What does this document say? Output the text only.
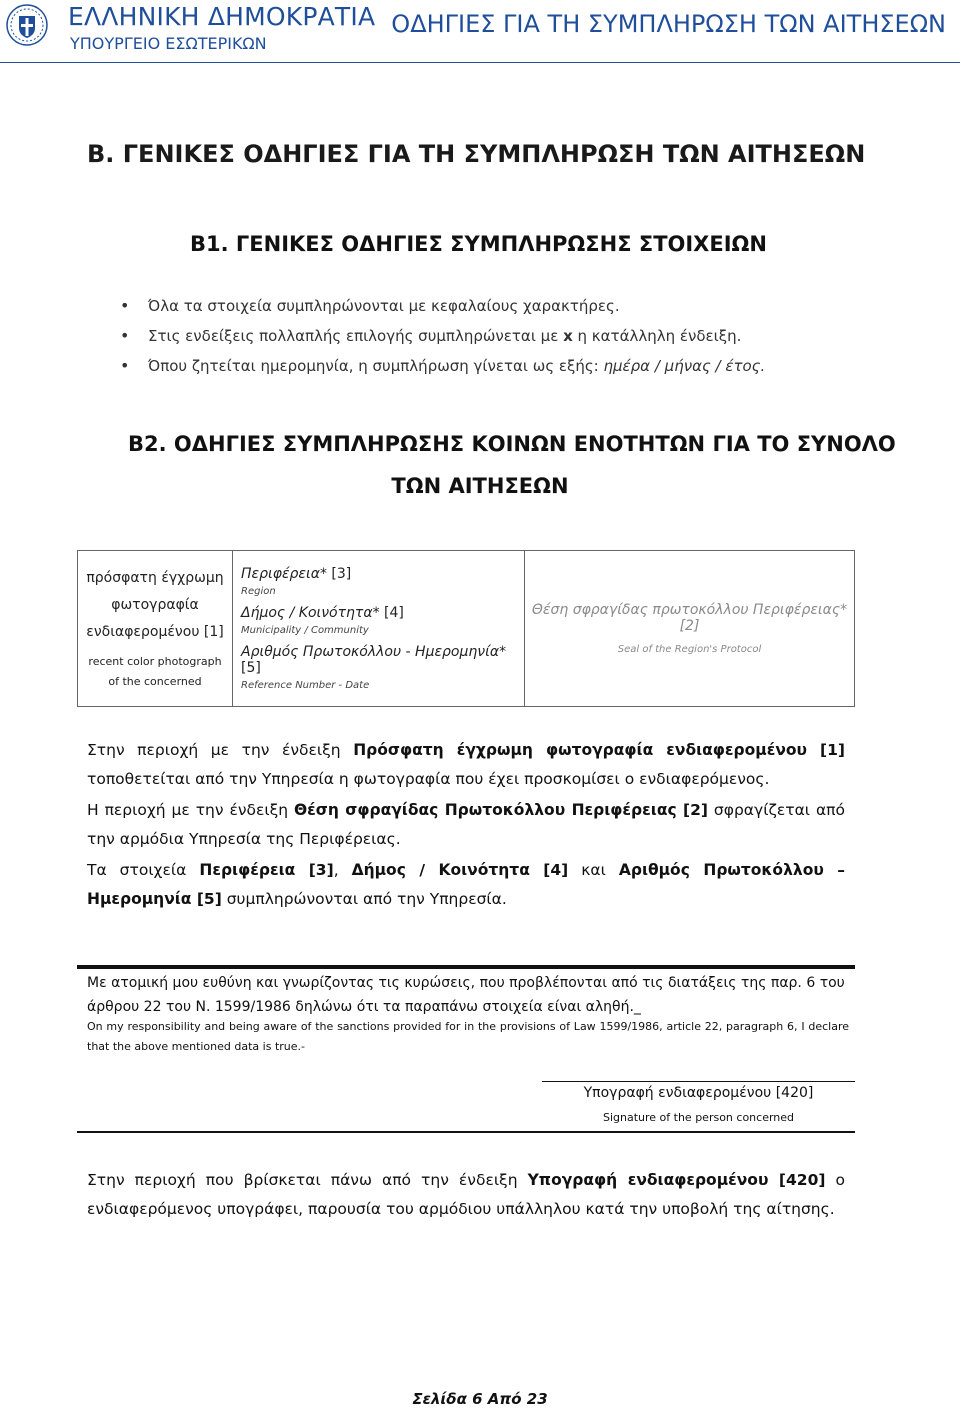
ΕΛΛΗΝΙΚΗ ΔΗΜΟΚΡΑΤΙΑ
ΥΠΟΥΡΓΕΙΟ ΕΣΩΤΕΡΙΚΩΝ
ΟΔΗΓΙΕΣ ΓΙΑ ΤΗ ΣΥΜΠΛΗΡΩΣΗ ΤΩΝ ΑΙΤΗΣΕΩΝ
Β. ΓΕΝΙΚΕΣ ΟΔΗΓΙΕΣ ΓΙΑ ΤΗ ΣΥΜΠΛΗΡΩΣΗ ΤΩΝ ΑΙΤΗΣΕΩΝ
Β1. ΓΕΝΙΚΕΣ ΟΔΗΓΙΕΣ ΣΥΜΠΛΗΡΩΣΗΣ ΣΤΟΙΧΕΙΩΝ
• Όλα τα στοιχεία συμπληρώνονται με κεφαλαίους χαρακτήρες.
• Στις ενδείξεις πολλαπλής επιλογής συμπληρώνεται με x η κατάλληλη ένδειξη.
• Όπου ζητείται ημερομηνία, η συμπλήρωση γίνεται ως εξής: ημέρα / μήνας / έτος.
Β2. ΟΔΗΓΙΕΣ ΣΥΜΠΛΗΡΩΣΗΣ ΚΟΙΝΩΝ ΕΝΟΤΗΤΩΝ ΓΙΑ ΤΟ ΣΥΝΟΛΟ
ΤΩΝ ΑΙΤΗΣΕΩΝ
πρόσφατη έγχρωμη
φωτογραφία
ενδιαφερομένου [1]
recent color photograph
of the concerned

Περιφέρεια* [3]
Region
Δήμος / Κοινότητα* [4]
Municipality / Community
Αριθμός Πρωτοκόλλου - Ημερομηνία* [5]
Reference Number - Date

Θέση σφραγίδας πρωτοκόλλου Περιφέρειας* [2]
Seal of the Region's Protocol
Στην περιοχή με την ένδειξη Πρόσφατη έγχρωμη φωτογραφία ενδιαφερομένου [1] τοποθετείται από την Υπηρεσία η φωτογραφία που έχει προσκομίσει ο ενδιαφερόμενος.
Η περιοχή με την ένδειξη Θέση σφραγίδας Πρωτοκόλλου Περιφέρειας [2] σφραγίζεται από την αρμόδια Υπηρεσία της Περιφέρειας.
Τα στοιχεία Περιφέρεια [3], Δήμος / Κοινότητα [4] και Αριθμός Πρωτοκόλλου – Ημερομηνία [5] συμπληρώνονται από την Υπηρεσία.
Με ατομική μου ευθύνη και γνωρίζοντας τις κυρώσεις, που προβλέπονται από τις διατάξεις της παρ. 6 του άρθρου 22 του Ν. 1599/1986 δηλώνω ότι τα παραπάνω στοιχεία είναι αληθή._
On my responsibility and being aware of the sanctions provided for in the provisions of Law 1599/1986, article 22, paragraph 6, I declare that the above mentioned data is true.-
Υπογραφή ενδιαφερομένου [420]
Signature of the person concerned
Στην περιοχή που βρίσκεται πάνω από την ένδειξη Υπογραφή ενδιαφερομένου [420] ο ενδιαφερόμενος υπογράφει, παρουσία του αρμόδιου υπάλληλου κατά την υποβολή της αίτησης.
Σελίδα 6 Από 23
